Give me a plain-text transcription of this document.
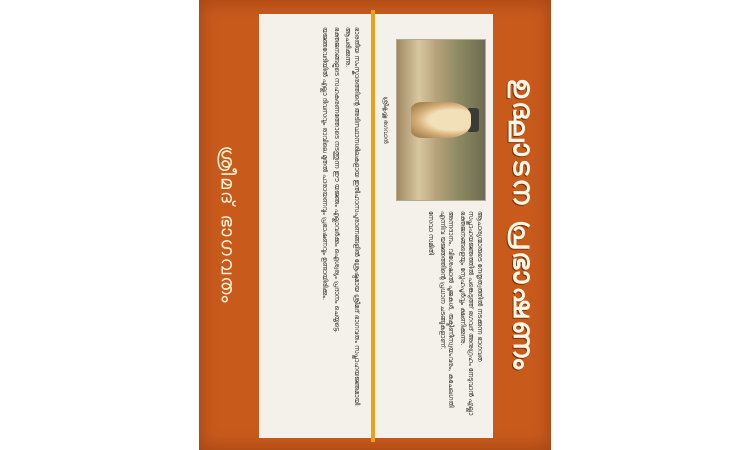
ശ്രീമദ് ഭാഗവതം	ഭാരതീയ സംസ്കാരത്തിന്റെ അടിസ്ഥാനശിലകളായ ഇതിഹാസപുരാണങ്ങളിൽ ശ്രേഷ്ഠമായ ശ്രീമദ് ഭാഗവതം സപ്താഹയജ്ഞമായി ആചരിക്കുന്നു.

ഭക്തജനങ്ങളുടെ സഹകരണത്തോടെ നടത്തുന്ന ഈ യജ്ഞം എല്ലാവർക്കും ഐശ്വര്യം പ്രദാനം ചെയ്യട്ടെ.

യജ്ഞവേദിയിൽ എല്ലാ ദിവസവും രാവിലെ മുതൽ പാരായണവും പ്രഭാഷണവും ഉണ്ടായിരിക്കും.	ശ്രീകൃഷ്ണ ഭഗവാൻ

ആചാര്യന്മാരുടെ നേതൃത്വത്തിൽ നടക്കുന്ന ഭാഗവത സപ്താഹയജ്ഞത്തിൽ പങ്കെടുത്ത് ഭഗവദ് അനുഗ്രഹം നേടുവാൻ എല്ലാ ഭക്തജനങ്ങളെയും സ്നേഹപൂർവ്വം ക്ഷണിക്കുന്നു.

അന്നദാനം, വിശേഷാൽ പൂജകൾ, രുക്മിണീസ്വയംവരം, കുചേലഗതി എന്നിവ യജ്ഞത്തിന്റെ പ്രധാന ചടങ്ങുകളാണ്.

സേവാ സമിതി	ഉദ്ഘാടന പ്രഭാഷണം
